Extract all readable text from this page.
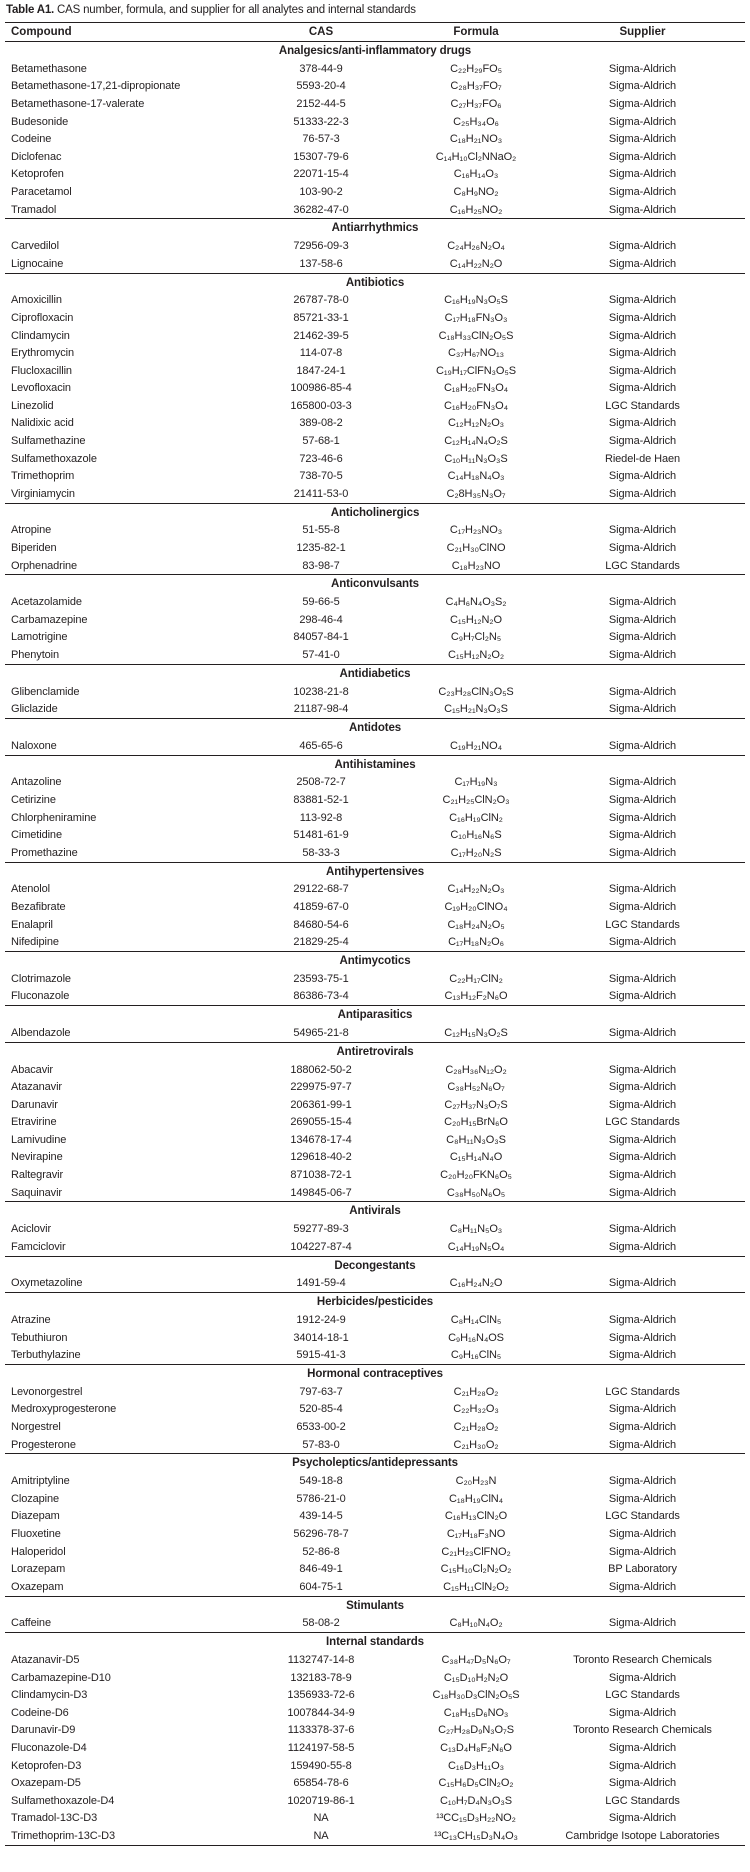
Table A1. CAS number, formula, and supplier for all analytes and internal standards
Compound	CAS	Formula	Supplier
Analgesics/anti-inflammatory drugs			
Betamethasone	378-44-9	C₂₂H₂₉FO₅	Sigma-Aldrich
Betamethasone-17,21-dipropionate	5593-20-4	C₂₈H₃₇FO₇	Sigma-Aldrich
Betamethasone-17-valerate	2152-44-5	C₂₇H₃₇FO₆	Sigma-Aldrich
Budesonide	51333-22-3	C₂₅H₃₄O₆	Sigma-Aldrich
Codeine	76-57-3	C₁₈H₂₁NO₃	Sigma-Aldrich
Diclofenac	15307-79-6	C₁₄H₁₀Cl₂NNaO₂	Sigma-Aldrich
Ketoprofen	22071-15-4	C₁₆H₁₄O₃	Sigma-Aldrich
Paracetamol	103-90-2	C₈H₉NO₂	Sigma-Aldrich
Tramadol	36282-47-0	C₁₆H₂₅NO₂	Sigma-Aldrich
Antiarrhythmics			
Carvedilol	72956-09-3	C₂₄H₂₆N₂O₄	Sigma-Aldrich
Lignocaine	137-58-6	C₁₄H₂₂N₂O	Sigma-Aldrich
Antibiotics			
Amoxicillin	26787-78-0	C₁₆H₁₉N₃O₅S	Sigma-Aldrich
Ciprofloxacin	85721-33-1	C₁₇H₁₈FN₃O₃	Sigma-Aldrich
Clindamycin	21462-39-5	C₁₈H₃₃ClN₂O₅S	Sigma-Aldrich
Erythromycin	114-07-8	C₃₇H₆₇NO₁₃	Sigma-Aldrich
Flucloxacillin	1847-24-1	C₁₉H₁₇ClFN₃O₅S	Sigma-Aldrich
Levofloxacin	100986-85-4	C₁₈H₂₀FN₃O₄	Sigma-Aldrich
Linezolid	165800-03-3	C₁₆H₂₀FN₃O₄	LGC Standards
Nalidixic acid	389-08-2	C₁₂H₁₂N₂O₃	Sigma-Aldrich
Sulfamethazine	57-68-1	C₁₂H₁₄N₄O₂S	Sigma-Aldrich
Sulfamethoxazole	723-46-6	C₁₀H₁₁N₃O₃S	Riedel-de Haen
Trimethoprim	738-70-5	C₁₄H₁₈N₄O₃	Sigma-Aldrich
Virginiamycin	21411-53-0	C₂8H₃₅N₃O₇	Sigma-Aldrich
Anticholinergics			
Atropine	51-55-8	C₁₇H₂₃NO₃	Sigma-Aldrich
Biperiden	1235-82-1	C₂₁H₃₀ClNO	Sigma-Aldrich
Orphenadrine	83-98-7	C₁₈H₂₃NO	LGC Standards
Anticonvulsants			
Acetazolamide	59-66-5	C₄H₆N₄O₃S₂	Sigma-Aldrich
Carbamazepine	298-46-4	C₁₅H₁₂N₂O	Sigma-Aldrich
Lamotrigine	84057-84-1	C₉H₇Cl₂N₅	Sigma-Aldrich
Phenytoin	57-41-0	C₁₅H₁₂N₂O₂	Sigma-Aldrich
Antidiabetics			
Glibenclamide	10238-21-8	C₂₃H₂₈ClN₃O₅S	Sigma-Aldrich
Gliclazide	21187-98-4	C₁₅H₂₁N₃O₃S	Sigma-Aldrich
Antidotes			
Naloxone	465-65-6	C₁₉H₂₁NO₄	Sigma-Aldrich
Antihistamines			
Antazoline	2508-72-7	C₁₇H₁₉N₃	Sigma-Aldrich
Cetirizine	83881-52-1	C₂₁H₂₅ClN₂O₃	Sigma-Aldrich
Chlorpheniramine	113-92-8	C₁₆H₁₉ClN₂	Sigma-Aldrich
Cimetidine	51481-61-9	C₁₀H₁₆N₆S	Sigma-Aldrich
Promethazine	58-33-3	C₁₇H₂₀N₂S	Sigma-Aldrich
Antihypertensives			
Atenolol	29122-68-7	C₁₄H₂₂N₂O₃	Sigma-Aldrich
Bezafibrate	41859-67-0	C₁₉H₂₀ClNO₄	Sigma-Aldrich
Enalapril	84680-54-6	C₁₈H₂₄N₂O₅	LGC Standards
Nifedipine	21829-25-4	C₁₇H₁₈N₂O₆	Sigma-Aldrich
Antimycotics			
Clotrimazole	23593-75-1	C₂₂H₁₇ClN₂	Sigma-Aldrich
Fluconazole	86386-73-4	C₁₃H₁₂F₂N₆O	Sigma-Aldrich
Antiparasitics			
Albendazole	54965-21-8	C₁₂H₁₅N₃O₂S	Sigma-Aldrich
Antiretrovirals			
Abacavir	188062-50-2	C₂₈H₃₆N₁₂O₂	Sigma-Aldrich
Atazanavir	229975-97-7	C₃₈H₅₂N₆O₇	Sigma-Aldrich
Darunavir	206361-99-1	C₂₇H₃₇N₃O₇S	Sigma-Aldrich
Etravirine	269055-15-4	C₂₀H₁₅BrN₆O	LGC Standards
Lamivudine	134678-17-4	C₈H₁₁N₃O₃S	Sigma-Aldrich
Nevirapine	129618-40-2	C₁₅H₁₄N₄O	Sigma-Aldrich
Raltegravir	871038-72-1	C₂₀H₂₀FKN₆O₅	Sigma-Aldrich
Saquinavir	149845-06-7	C₃₈H₅₀N₆O₅	Sigma-Aldrich
Antivirals			
Aciclovir	59277-89-3	C₈H₁₁N₅O₃	Sigma-Aldrich
Famciclovir	104227-87-4	C₁₄H₁₉N₅O₄	Sigma-Aldrich
Decongestants			
Oxymetazoline	1491-59-4	C₁₆H₂₄N₂O	Sigma-Aldrich
Herbicides/pesticides			
Atrazine	1912-24-9	C₈H₁₄ClN₅	Sigma-Aldrich
Tebuthiuron	34014-18-1	C₉H₁₆N₄OS	Sigma-Aldrich
Terbuthylazine	5915-41-3	C₉H₁₆ClN₅	Sigma-Aldrich
Hormonal contraceptives			
Levonorgestrel	797-63-7	C₂₁H₂₈O₂	LGC Standards
Medroxyprogesterone	520-85-4	C₂₂H₃₂O₃	Sigma-Aldrich
Norgestrel	6533-00-2	C₂₁H₂₈O₂	Sigma-Aldrich
Progesterone	57-83-0	C₂₁H₃₀O₂	Sigma-Aldrich
Psycholeptics/antidepressants			
Amitriptyline	549-18-8	C₂₀H₂₃N	Sigma-Aldrich
Clozapine	5786-21-0	C₁₈H₁₉ClN₄	Sigma-Aldrich
Diazepam	439-14-5	C₁₆H₁₃ClN₂O	LGC Standards
Fluoxetine	56296-78-7	C₁₇H₁₈F₃NO	Sigma-Aldrich
Haloperidol	52-86-8	C₂₁H₂₃ClFNO₂	Sigma-Aldrich
Lorazepam	846-49-1	C₁₅H₁₀Cl₂N₂O₂	BP Laboratory
Oxazepam	604-75-1	C₁₅H₁₁ClN₂O₂	Sigma-Aldrich
Stimulants			
Caffeine	58-08-2	C₈H₁₀N₄O₂	Sigma-Aldrich
Internal standards			
Atazanavir-D5	1132747-14-8	C₃₈H₄₇D₅N₆O₇	Toronto Research Chemicals
Carbamazepine-D10	132183-78-9	C₁₅D₁₀H₂N₂O	Sigma-Aldrich
Clindamycin-D3	1356933-72-6	C₁₈H₃₀D₃ClN₂O₅S	LGC Standards
Codeine-D6	1007844-34-9	C₁₈H₁₅D₆NO₃	Sigma-Aldrich
Darunavir-D9	1133378-37-6	C₂₇H₂₈D₉N₃O₇S	Toronto Research Chemicals
Fluconazole-D4	1124197-58-5	C₁₃D₄H₈F₂N₆O	Sigma-Aldrich
Ketoprofen-D3	159490-55-8	C₁₆D₃H₁₁O₃	Sigma-Aldrich
Oxazepam-D5	65854-78-6	C₁₅H₆D₅ClN₂O₂	Sigma-Aldrich
Sulfamethoxazole-D4	1020719-86-1	C₁₀H₇D₄N₃O₃S	LGC Standards
Tramadol-13C-D3	NA	¹³CC₁₅D₃H₂₂NO₂	Sigma-Aldrich
Trimethoprim-13C-D3	NA	¹³C₁₃CH₁₅D₃N₄O₃	Cambridge Isotope Laboratories
